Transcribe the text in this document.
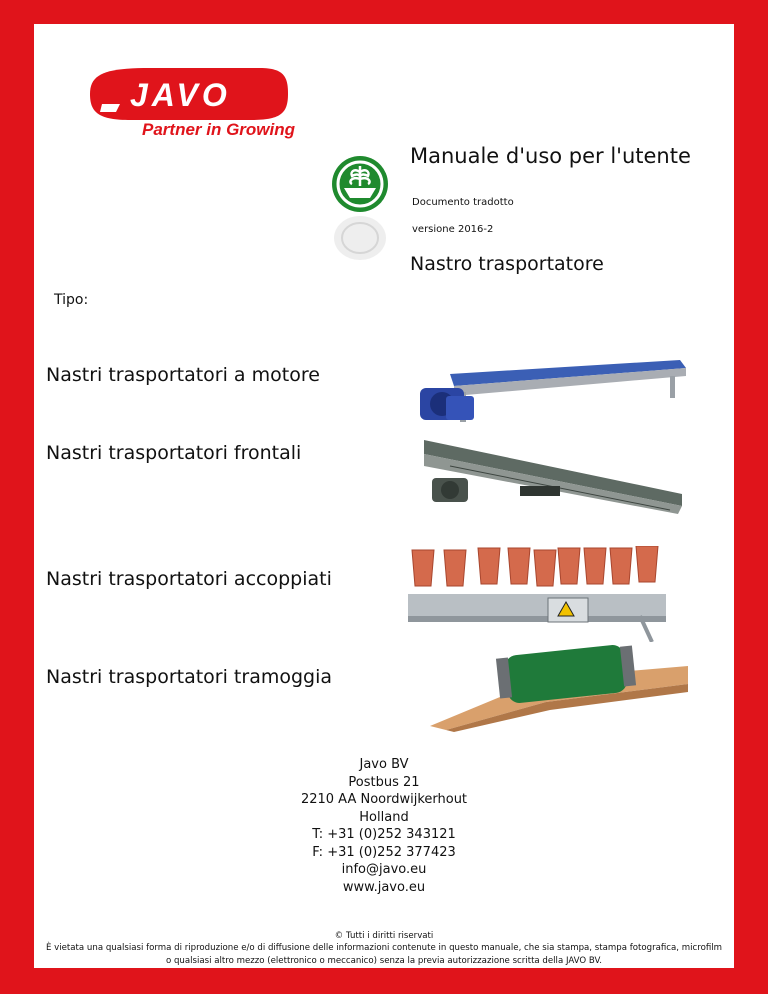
JAVO
Partner in Growing
Manuale d'uso per l'utente
Documento tradotto
versione 2016-2
Nastro trasportatore
Tipo:
Nastri trasportatori a motore
Nastri trasportatori frontali
Nastri trasportatori accoppiati
Nastri trasportatori tramoggia
Javo BV
Postbus 21
2210 AA Noordwijkerhout
Holland
T: +31 (0)252 343121
F: +31 (0)252 377423
info@javo.eu
www.javo.eu
© Tutti i diritti riservati
È vietata una qualsiasi forma di riproduzione e/o di diffusione delle informazioni contenute in questo manuale, che sia stampa, stampa fotografica, microfilm o qualsiasi altro mezzo (elettronico o meccanico) senza la previa autorizzazione scritta della JAVO BV.
